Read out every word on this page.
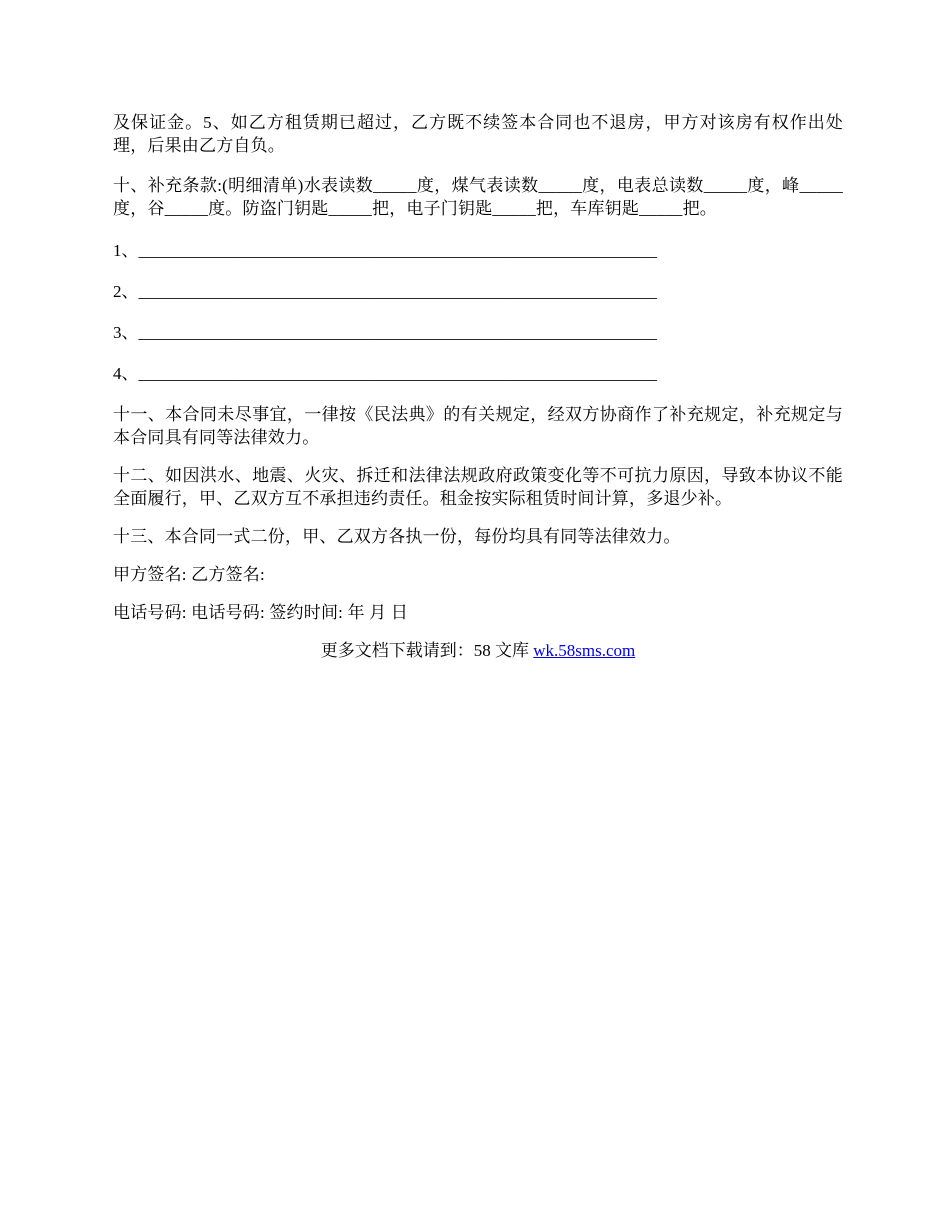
及保证金。5、如乙方租赁期已超过，乙方既不续签本合同也不退房，甲方对该房有权作出处理，后果由乙方自负。

十、补充条款:(明细清单)水表读数_____度，煤气表读数_____度，电表总读数_____度，峰_____度，谷_____度。防盗门钥匙_____把，电子门钥匙_____把，车库钥匙_____把。

1、_____________________________________________________________

2、_____________________________________________________________

3、_____________________________________________________________

4、_____________________________________________________________

十一、本合同未尽事宜，一律按《民法典》的有关规定，经双方协商作了补充规定，补充规定与本合同具有同等法律效力。

十二、如因洪水、地震、火灾、拆迁和法律法规政府政策变化等不可抗力原因，导致本协议不能全面履行，甲、乙双方互不承担违约责任。租金按实际租赁时间计算，多退少补。

十三、本合同一式二份，甲、乙双方各执一份，每份均具有同等法律效力。

甲方签名: 乙方签名:

电话号码: 电话号码: 签约时间: 年 月 日

更多文档下载请到：58 文库 wk.58sms.com
